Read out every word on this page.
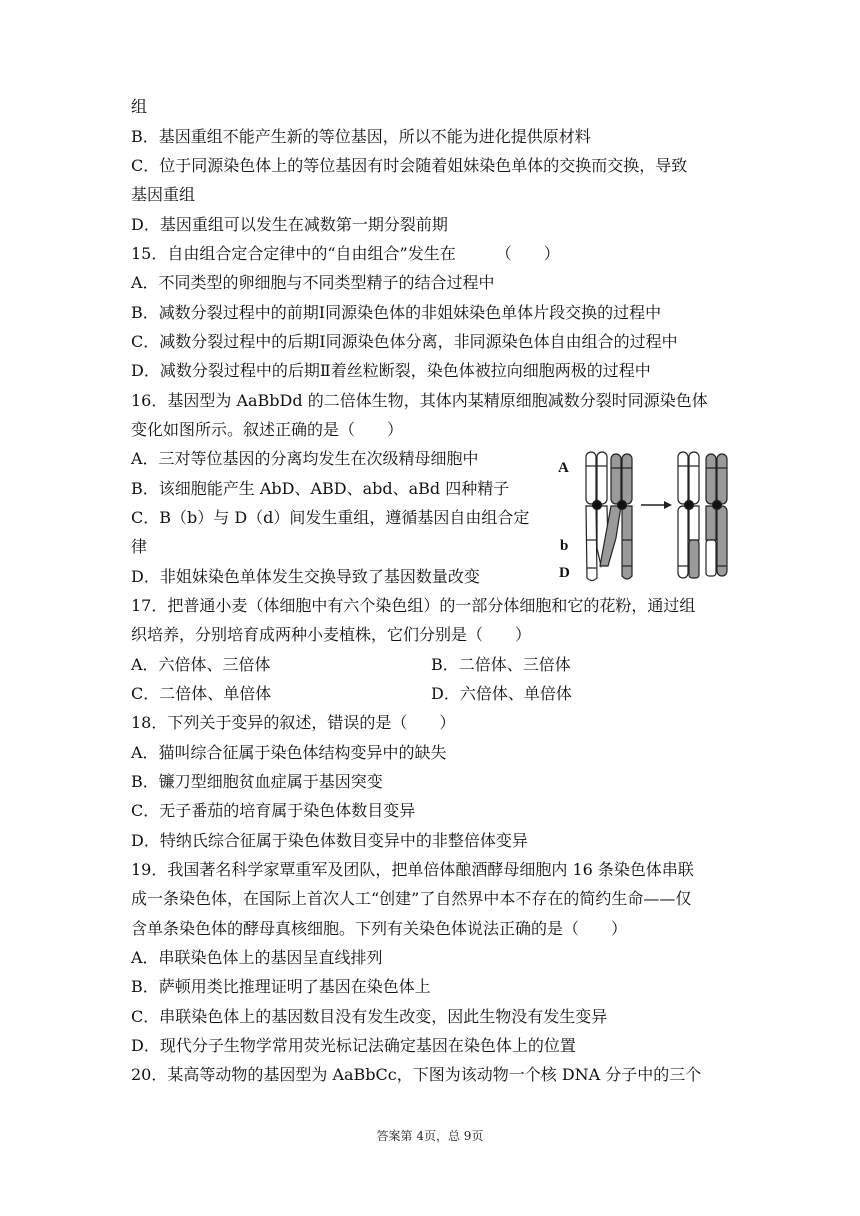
组
B．基因重组不能产生新的等位基因，所以不能为进化提供原材料
C．位于同源染色体上的等位基因有时会随着姐妹染色单体的交换而交换，导致
基因重组
D．基因重组可以发生在减数第一期分裂前期
15．自由组合定合定律中的“自由组合”发生在　　　（　　）
A．不同类型的卵细胞与不同类型精子的结合过程中
B．减数分裂过程中的前期Ⅰ同源染色体的非姐妹染色单体片段交换的过程中
C．减数分裂过程中的后期Ⅰ同源染色体分离，非同源染色体自由组合的过程中
D．减数分裂过程中的后期Ⅱ着丝粒断裂，染色体被拉向细胞两极的过程中
16．基因型为 AaBbDd 的二倍体生物，其体内某精原细胞减数分裂时同源染色体
变化如图所示。叙述正确的是（　　）
A．三对等位基因的分离均发生在次级精母细胞中
B．该细胞能产生 AbD、ABD、abd、aBd 四种精子
C．B（b）与 D（d）间发生重组，遵循基因自由组合定
律
D．非姐妹染色单体发生交换导致了基因数量改变
17．把普通小麦（体细胞中有六个染色组）的一部分体细胞和它的花粉，通过组
织培养，分别培育成两种小麦植株，它们分别是（　　）
A．六倍体、三倍体
C．二倍体、单倍体
18．下列关于变异的叙述，错误的是（　　）
A．猫叫综合征属于染色体结构变异中的缺失
B．镰刀型细胞贫血症属于基因突变
C．无子番茄的培育属于染色体数目变异
D．特纳氏综合征属于染色体数目变异中的非整倍体变异
19．我国著名科学家覃重军及团队，把单倍体酿酒酵母细胞内 16 条染色体串联
成一条染色体，在国际上首次人工“创建”了自然界中本不存在的简约生命——仅
含单条染色体的酵母真核细胞。下列有关染色体说法正确的是（　　）
A．串联染色体上的基因呈直线排列
B．萨顿用类比推理证明了基因在染色体上
C．串联染色体上的基因数目没有发生改变，因此生物没有发生变异
D．现代分子生物学常用荧光标记法确定基因在染色体上的位置
20．某高等动物的基因型为 AaBbCc，下图为该动物一个核 DNA 分子中的三个
B．二倍体、三倍体
D．六倍体、单倍体
A
b
D
答案第 4页，总 9页
